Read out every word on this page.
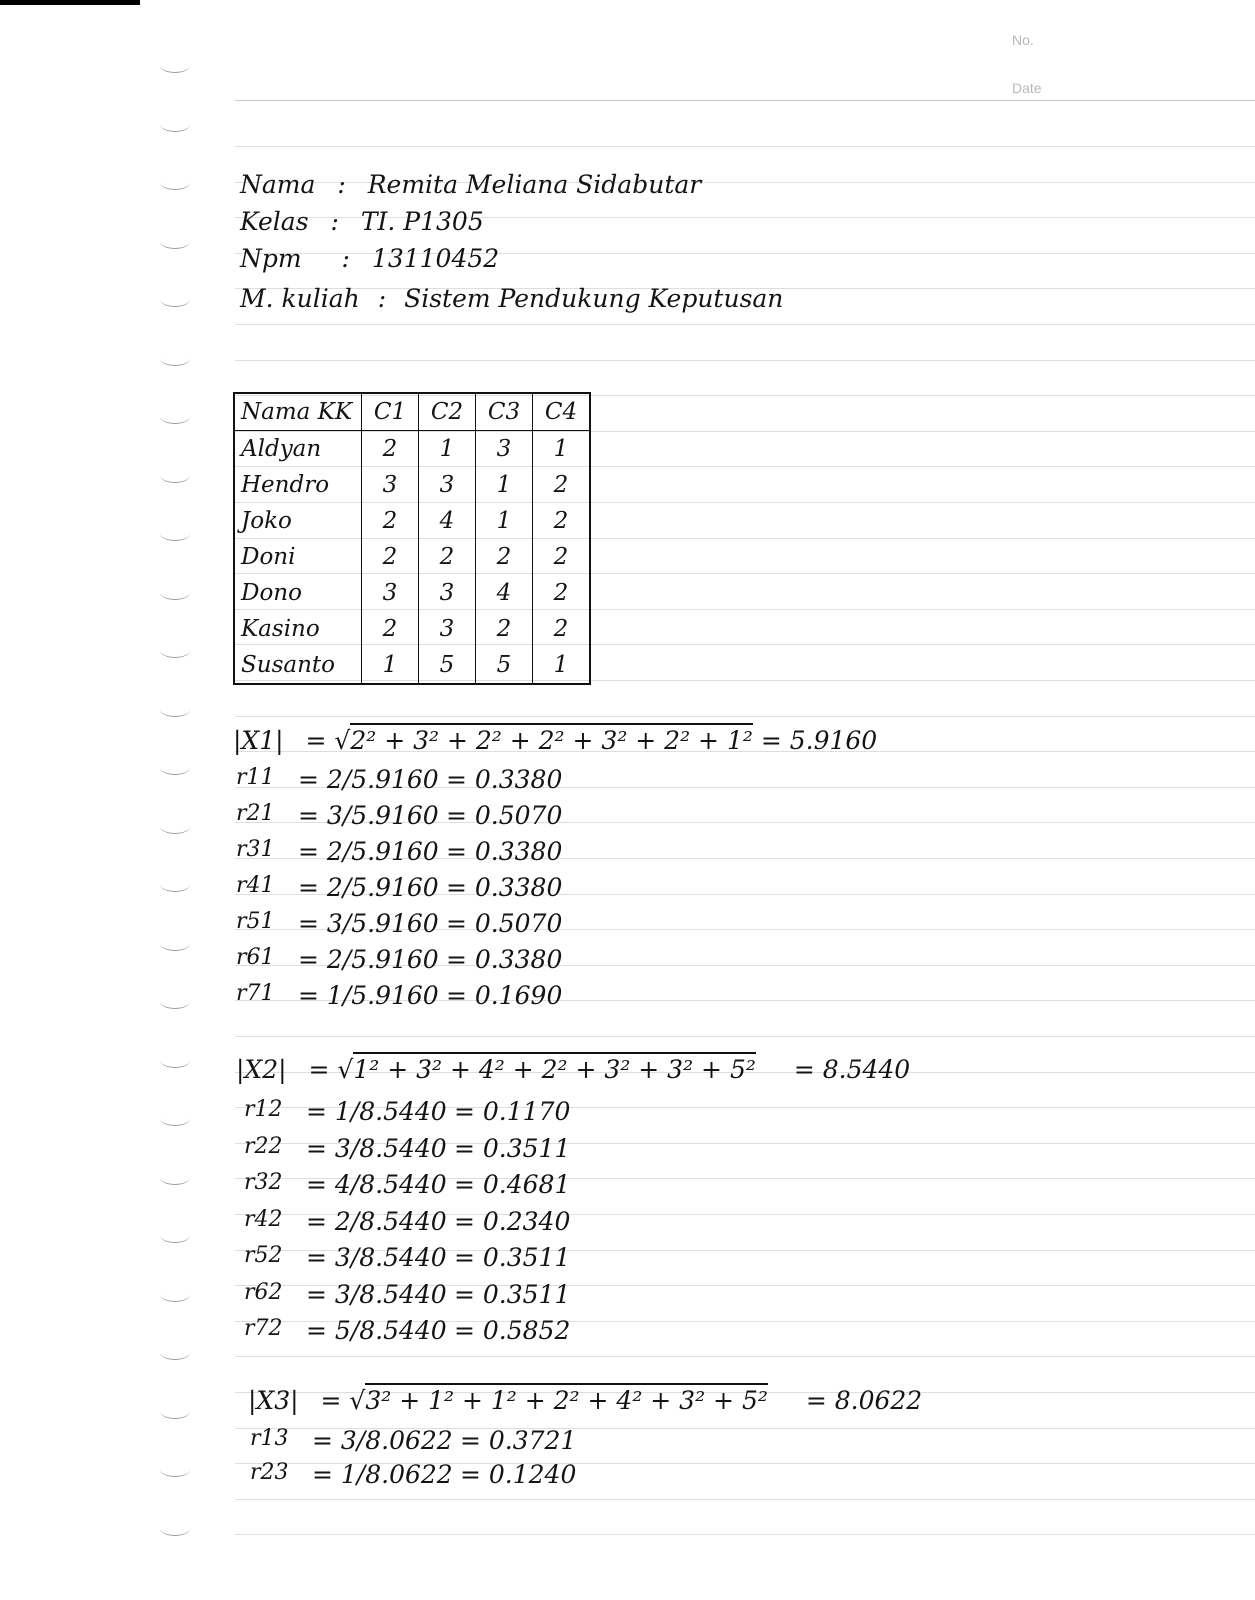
No.
Date
Nama : Remita Meliana Sidabutar
Kelas : TI. P1305
Npm : 13110452
M. kuliah : Sistem Pendukung Keputusan
Nama KK	C1	C2	C3	C4
Aldyan	2	1	3	1
Hendro	3	3	1	2
Joko	2	4	1	2
Doni	2	2	2	2
Dono	3	3	4	2
Kasino	2	3	2	2
Susanto	1	5	5	1
|X1| = √
2² + 3² + 2² + 2² + 3² + 2² + 1² = 5.9160
r11 = 2/5.9160 = 0.3380
r21 = 3/5.9160 = 0.5070
r31 = 2/5.9160 = 0.3380
r41 = 2/5.9160 = 0.3380
r51 = 3/5.9160 = 0.5070
r61 = 2/5.9160 = 0.3380
r71 = 1/5.9160 = 0.1690
|X2| = √
1² + 3² + 4² + 2² + 3² + 3² + 5² = 8.5440
r12 = 1/8.5440 = 0.1170
r22 = 3/8.5440 = 0.3511
r32 = 4/8.5440 = 0.4681
r42 = 2/8.5440 = 0.2340
r52 = 3/8.5440 = 0.3511
r62 = 3/8.5440 = 0.3511
r72 = 5/8.5440 = 0.5852
|X3| = √
3² + 1² + 1² + 2² + 4² + 3² + 5² = 8.0622
r13 = 3/8.0622 = 0.3721
r23 = 1/8.0622 = 0.1240
